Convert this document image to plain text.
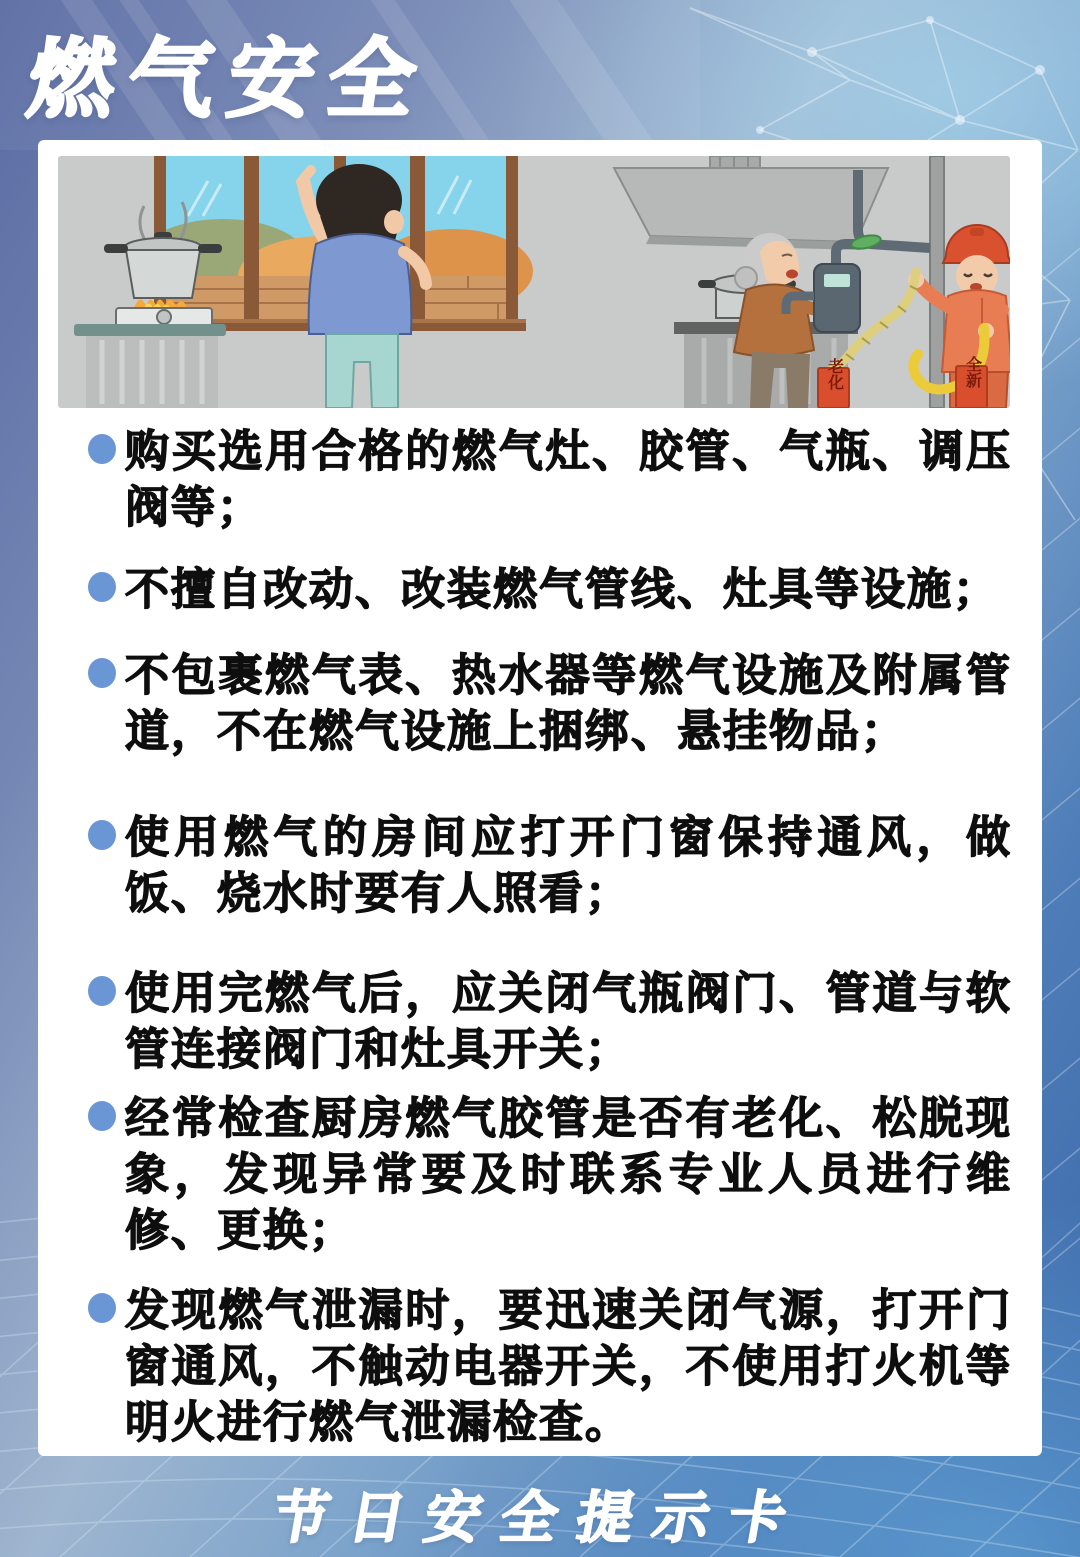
燃气安全
老化	全新
购买选用合格的燃气灶、胶管、气瓶、调压阀等；
不擅自改动、改装燃气管线、灶具等设施；
不包裹燃气表、热水器等燃气设施及附属管道，不在燃气设施上捆绑、悬挂物品；
使用燃气的房间应打开门窗保持通风，做饭、烧水时要有人照看；
使用完燃气后，应关闭气瓶阀门、管道与软管连接阀门和灶具开关；
经常检查厨房燃气胶管是否有老化、松脱现象，发现异常要及时联系专业人员进行维修、更换；
发现燃气泄漏时，要迅速关闭气源，打开门窗通风，不触动电器开关，不使用打火机等明火进行燃气泄漏检查。
节日安全提示卡
